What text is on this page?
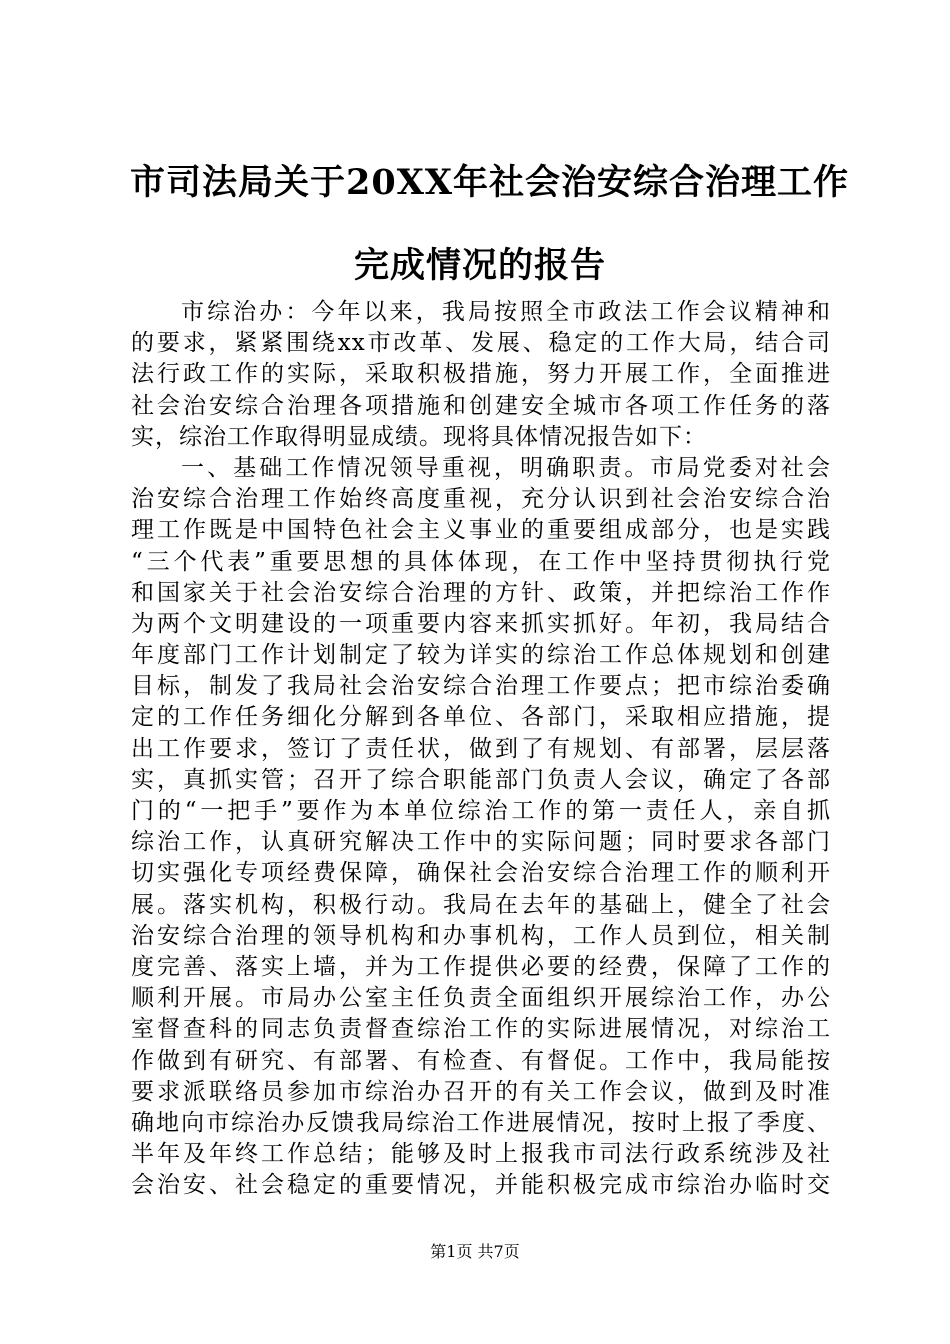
市司法局关于20XX年社会治安综合治理工作
完成情况的报告
市综治办：今年以来，我局按照全市政法工作会议精神和
的要求，紧紧围绕xx市改革、发展、稳定的工作大局，结合司
法行政工作的实际，采取积极措施，努力开展工作，全面推进
社会治安综合治理各项措施和创建安全城市各项工作任务的落
实，综治工作取得明显成绩。现将具体情况报告如下：
一、基础工作情况领导重视，明确职责。市局党委对社会
治安综合治理工作始终高度重视，充分认识到社会治安综合治
理工作既是中国特色社会主义事业的重要组成部分，也是实践
“三个代表”重要思想的具体体现，在工作中坚持贯彻执行党
和国家关于社会治安综合治理的方针、政策，并把综治工作作
为两个文明建设的一项重要内容来抓实抓好。年初，我局结合
年度部门工作计划制定了较为详实的综治工作总体规划和创建
目标，制发了我局社会治安综合治理工作要点；把市综治委确
定的工作任务细化分解到各单位、各部门，采取相应措施，提
出工作要求，签订了责任状，做到了有规划、有部署，层层落
实，真抓实管；召开了综合职能部门负责人会议，确定了各部
门的“一把手”要作为本单位综治工作的第一责任人，亲自抓
综治工作，认真研究解决工作中的实际问题；同时要求各部门
切实强化专项经费保障，确保社会治安综合治理工作的顺利开
展。落实机构，积极行动。我局在去年的基础上，健全了社会
治安综合治理的领导机构和办事机构，工作人员到位，相关制
度完善、落实上墙，并为工作提供必要的经费，保障了工作的
顺利开展。市局办公室主任负责全面组织开展综治工作，办公
室督查科的同志负责督查综治工作的实际进展情况，对综治工
作做到有研究、有部署、有检查、有督促。工作中，我局能按
要求派联络员参加市综治办召开的有关工作会议，做到及时准
确地向市综治办反馈我局综治工作进展情况，按时上报了季度、
半年及年终工作总结；能够及时上报我市司法行政系统涉及社
会治安、社会稳定的重要情况，并能积极完成市综治办临时交
第1页 共7页
